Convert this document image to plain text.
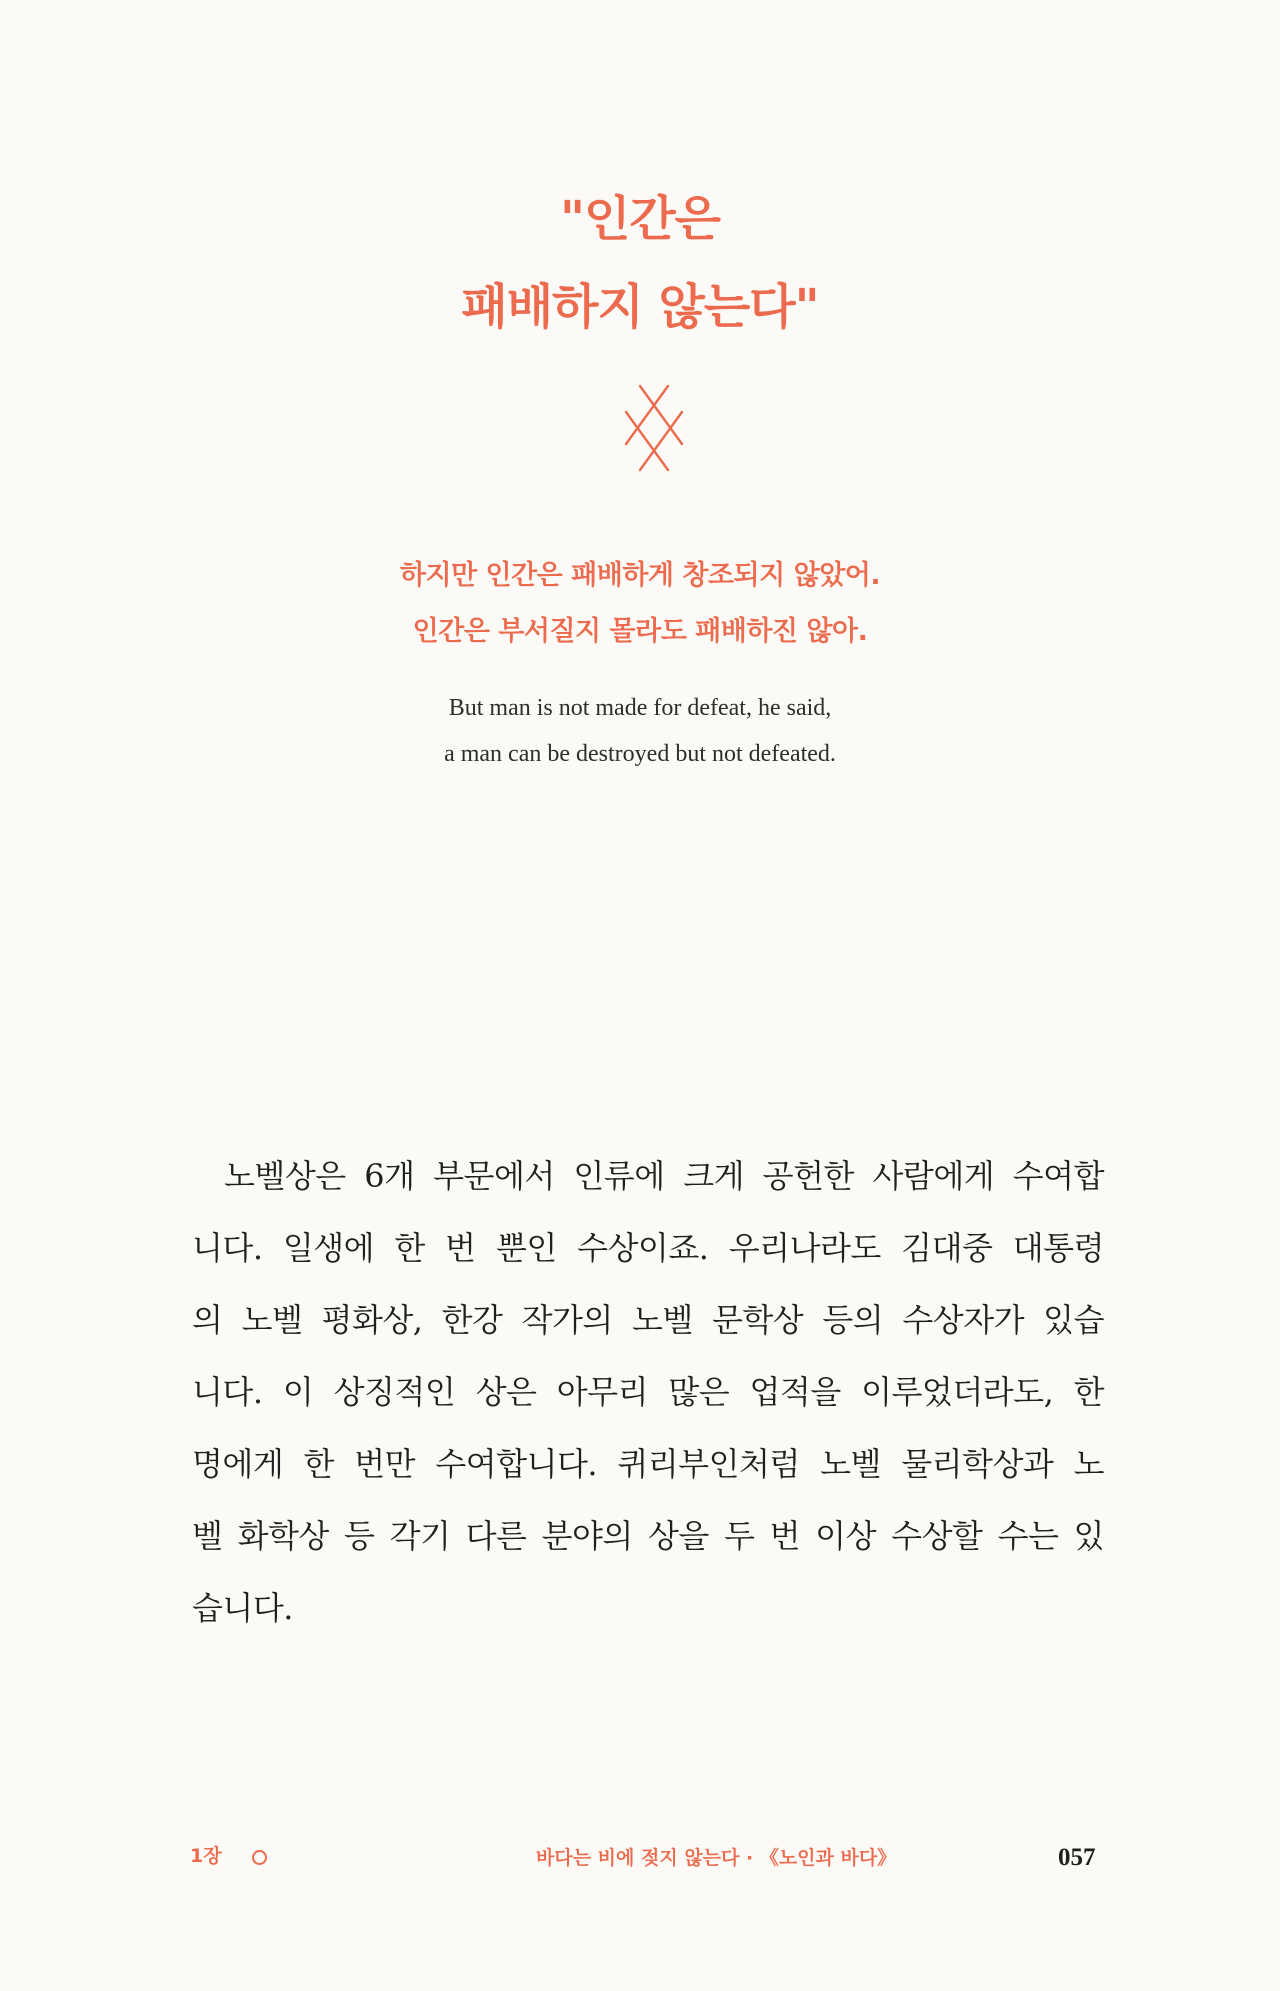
"인간은
패배하지 않는다"
하지만 인간은 패배하게 창조되지 않았어.
인간은 부서질지 몰라도 패배하진 않아.
But man is not made for defeat, he said,
a man can be destroyed but not defeated.
노벨상은 6개 부문에서 인류에 크게 공헌한 사람에게 수여합
니다. 일생에 한 번 뿐인 수상이죠. 우리나라도 김대중 대통령
의 노벨 평화상, 한강 작가의 노벨 문학상 등의 수상자가 있습
니다. 이 상징적인 상은 아무리 많은 업적을 이루었더라도, 한
명에게 한 번만 수여합니다. 퀴리부인처럼 노벨 물리학상과 노
벨 화학상 등 각기 다른 분야의 상을 두 번 이상 수상할 수는 있
습니다.
1장	바다는 비에 젖지 않는다 · 《노인과 바다》	057
